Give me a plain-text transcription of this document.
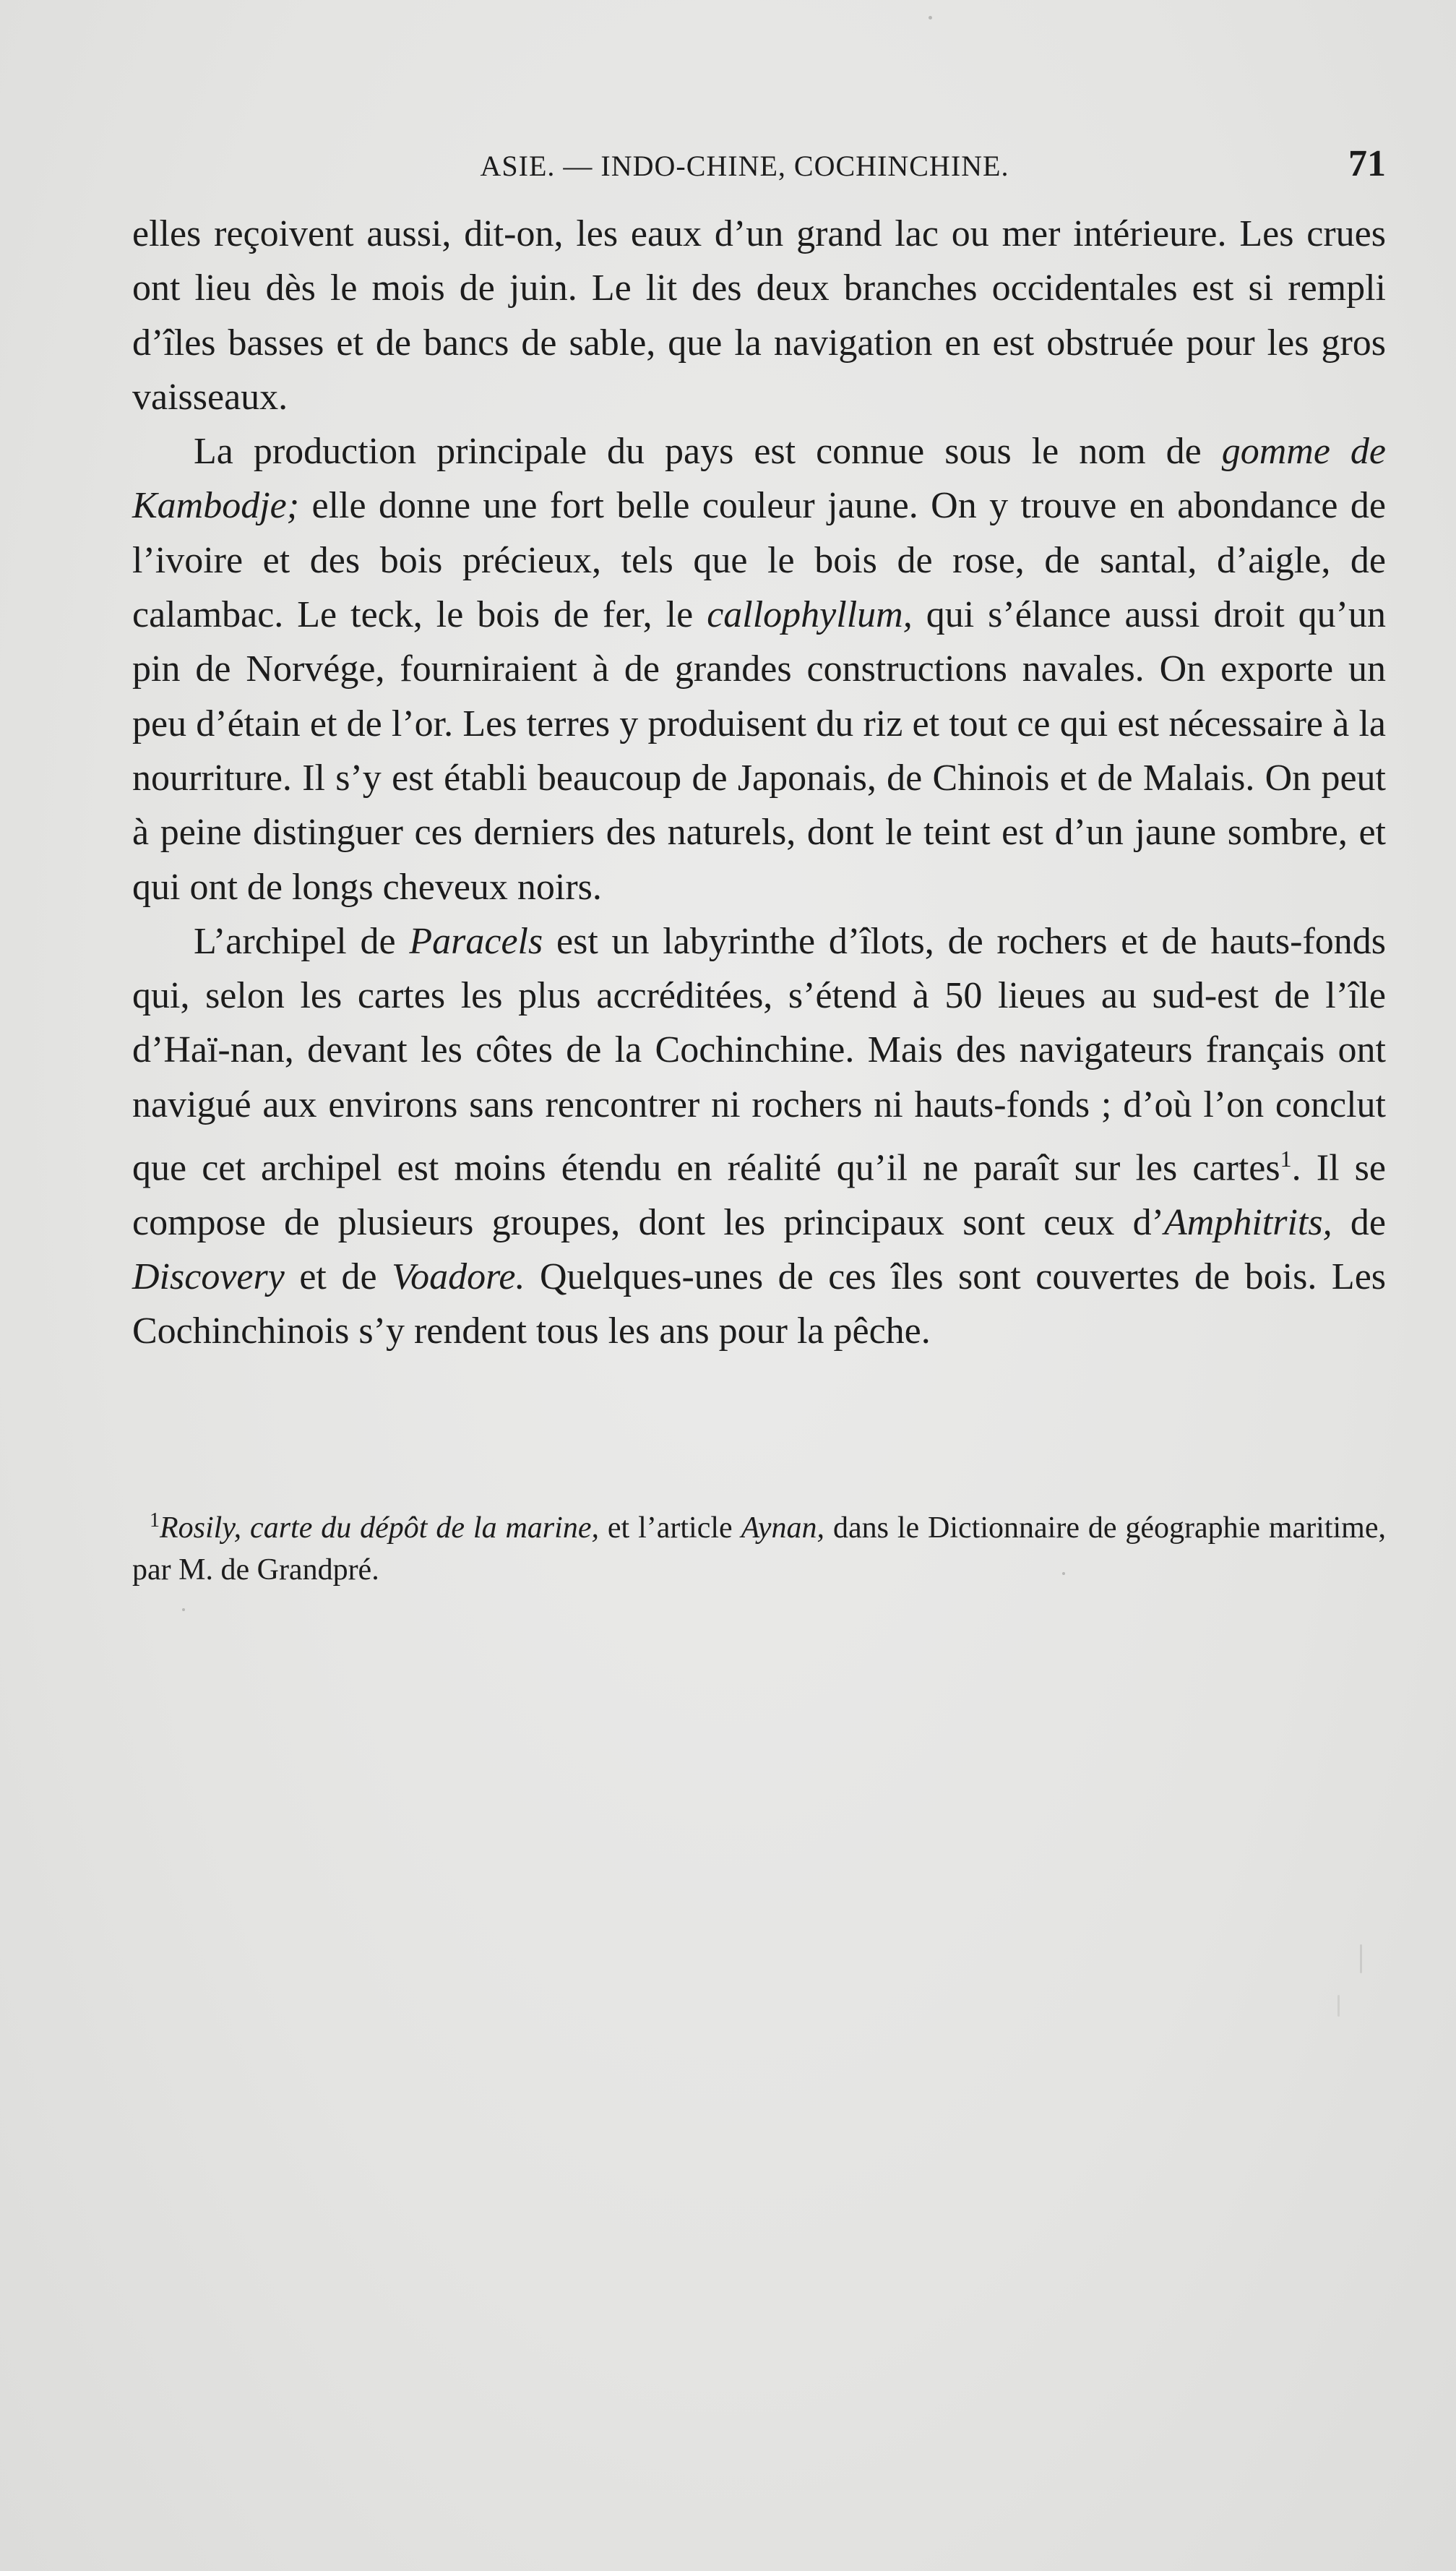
ASIE. — INDO-CHINE, COCHINCHINE.	71

elles reçoivent aussi, dit-on, les eaux d’un grand lac ou mer intérieure. Les crues ont lieu dès le mois de juin. Le lit des deux branches occidentales est si rempli d’îles basses et de bancs de sable, que la navigation en est obstruée pour les gros vaisseaux.

La production principale du pays est connue sous le nom de gomme de Kambodje; elle donne une fort belle couleur jaune. On y trouve en abondance de l’ivoire et des bois précieux, tels que le bois de rose, de santal, d’aigle, de calambac. Le teck, le bois de fer, le callophyllum, qui s’élance aussi droit qu’un pin de Norvége, fourniraient à de grandes constructions navales. On exporte un peu d’étain et de l’or. Les terres y produisent du riz et tout ce qui est nécessaire à la nourriture. Il s’y est établi beaucoup de Japonais, de Chinois et de Malais. On peut à peine distinguer ces derniers des naturels, dont le teint est d’un jaune sombre, et qui ont de longs cheveux noirs.

L’archipel de Paracels est un labyrinthe d’îlots, de rochers et de hauts-fonds qui, selon les cartes les plus accréditées, s’étend à 50 lieues au sud-est de l’île d’Haï-nan, devant les côtes de la Cochinchine. Mais des navigateurs français ont navigué aux environs sans rencontrer ni rochers ni hauts-fonds ; d’où l’on conclut que cet archipel est moins étendu en réalité qu’il ne paraît sur les cartes$^1$. Il se compose de plusieurs groupes, dont les principaux sont ceux d’Amphitrits, de Discovery et de Voadore. Quelques-unes de ces îles sont couvertes de bois. Les Cochinchinois s’y rendent tous les ans pour la pêche.

$^1$Rosily, carte du dépôt de la marine, et l’article Aynan, dans le Dictionnaire de géographie maritime, par M. de Grandpré.
